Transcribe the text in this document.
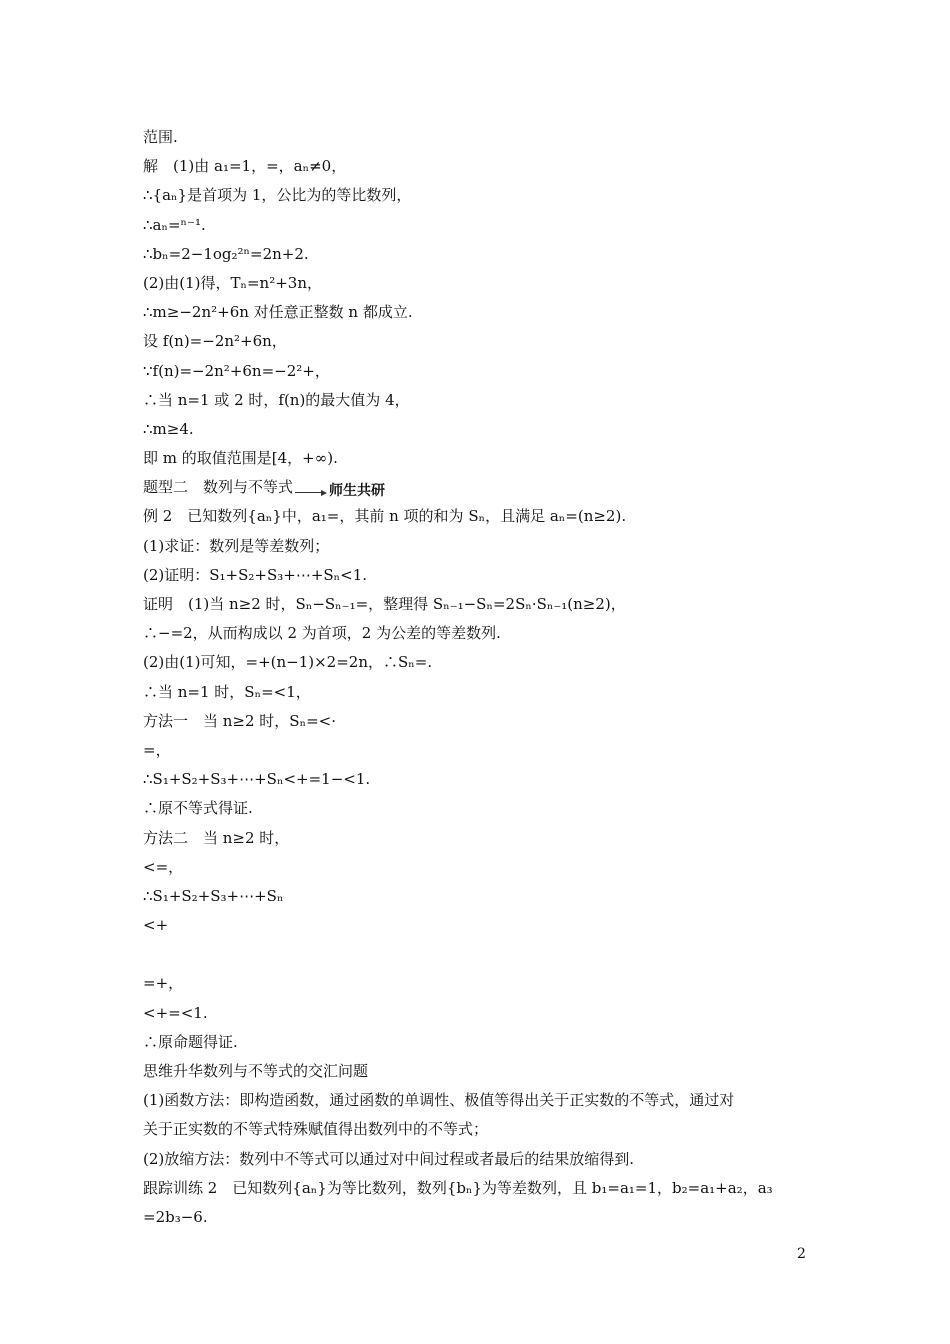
范围.
解　(1)由 a₁=1，=，aₙ≠0，
∴{aₙ}是首项为 1，公比为的等比数列，
∴aₙ=ⁿ⁻¹.
∴bₙ=2−1og₂²ⁿ=2n+2.
(2)由(1)得，Tₙ=n²+3n，
∴m≥−2n²+6n 对任意正整数 n 都成立.
设 f(n)=−2n²+6n，
∵f(n)=−2n²+6n=−2²+，
∴当 n=1 或 2 时，f(n)的最大值为 4，
∴m≥4.
即 m 的取值范围是[4，+∞).
题型二　数列与不等式	师生共研
例 2　已知数列{aₙ}中，a₁=，其前 n 项的和为 Sₙ，且满足 aₙ=(n≥2).
(1)求证：数列是等差数列；
(2)证明：S₁+S₂+S₃+⋯+Sₙ<1.
证明　(1)当 n≥2 时，Sₙ−Sₙ₋₁=，整理得 Sₙ₋₁−Sₙ=2Sₙ·Sₙ₋₁(n≥2)，
∴−=2，从而构成以 2 为首项，2 为公差的等差数列.
(2)由(1)可知，=+(n−1)×2=2n，∴Sₙ=.
∴当 n=1 时，Sₙ=<1，
方法一　当 n≥2 时，Sₙ=<·
=，
∴S₁+S₂+S₃+⋯+Sₙ<+=1−<1.
∴原不等式得证.
方法二　当 n≥2 时，
<=，
∴S₁+S₂+S₃+⋯+Sₙ
<+
=+，
<+=<1.
∴原命题得证.
思维升华数列与不等式的交汇问题
(1)函数方法：即构造函数，通过函数的单调性、极值等得出关于正实数的不等式，通过对
关于正实数的不等式特殊赋值得出数列中的不等式；
(2)放缩方法：数列中不等式可以通过对中间过程或者最后的结果放缩得到.
跟踪训练 2　已知数列{aₙ}为等比数列，数列{bₙ}为等差数列，且 b₁=a₁=1，b₂=a₁+a₂，a₃
=2b₃−6.
2
